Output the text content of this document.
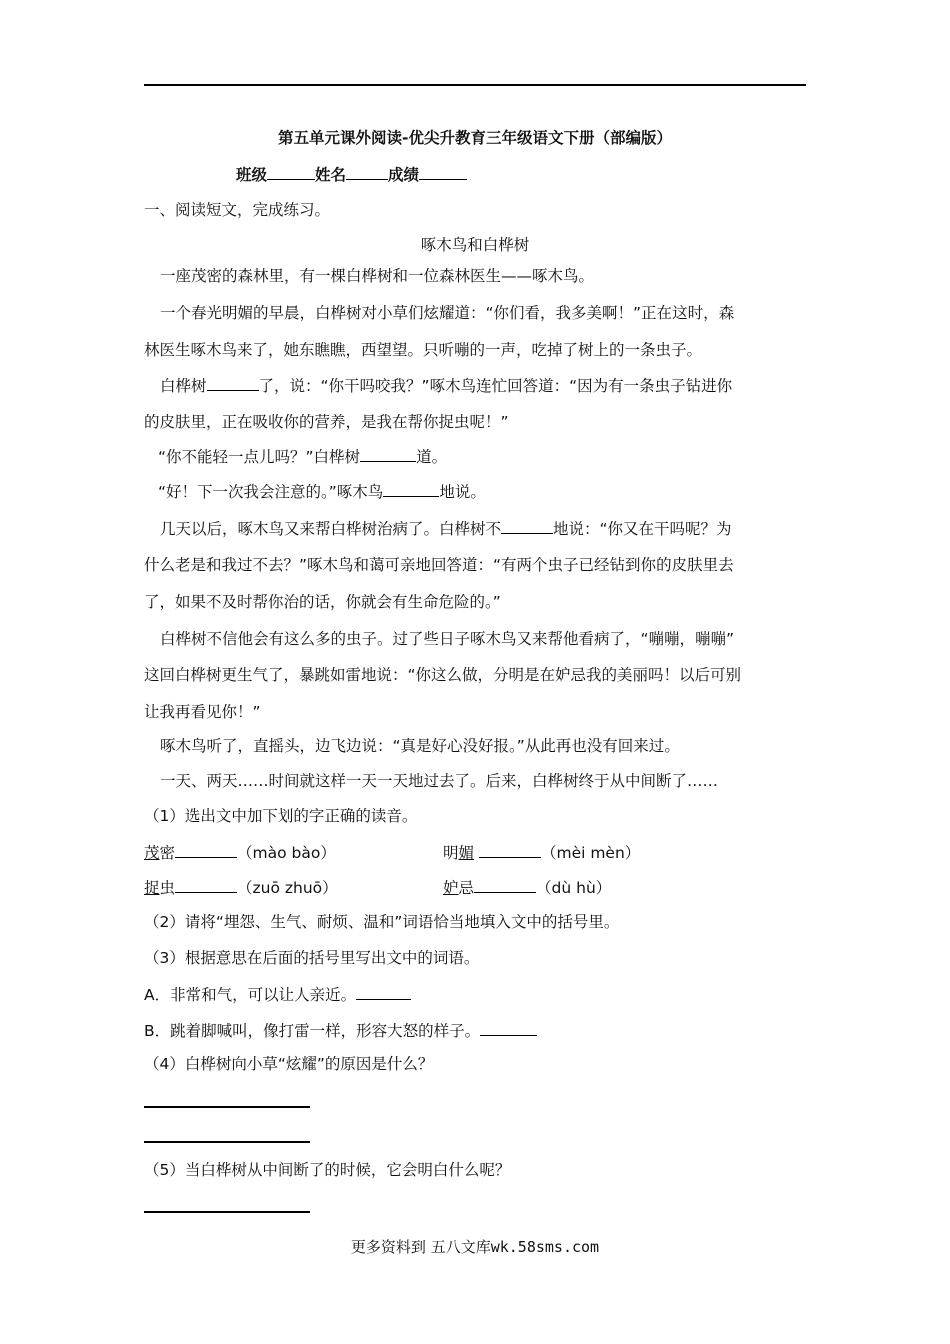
第五单元课外阅读-优尖升教育三年级语文下册（部编版）
班级	姓名	成绩
一、阅读短文，完成练习。
啄木鸟和白桦树
一座茂密的森林里，有一棵白桦树和一位森林医生——啄木鸟。
一个春光明媚的早晨，白桦树对小草们炫耀道：“你们看，我多美啊！”正在这时，森
林医生啄木鸟来了，她东瞧瞧，西望望。只听嘣的一声，吃掉了树上的一条虫子。
白桦树	了，说：“你干吗咬我？”啄木鸟连忙回答道：“因为有一条虫子钻进你
的皮肤里，正在吸收你的营养，是我在帮你捉虫呢！”
“你不能轻一点儿吗？”白桦树	道。
“好！下一次我会注意的。”啄木鸟	地说。
几天以后，啄木鸟又来帮白桦树治病了。白桦树不	地说：“你又在干吗呢？为
什么老是和我过不去？”啄木鸟和蔼可亲地回答道：“有两个虫子已经钻到你的皮肤里去
了，如果不及时帮你治的话，你就会有生命危险的。”
白桦树不信他会有这么多的虫子。过了些日子啄木鸟又来帮他看病了，“嘣嘣，嘣嘣”
这回白桦树更生气了，暴跳如雷地说：“你这么做，分明是在妒忌我的美丽吗！以后可别
让我再看见你！”
啄木鸟听了，直摇头，边飞边说：“真是好心没好报。”从此再也没有回来过。
一天、两天……时间就这样一天一天地过去了。后来，白桦树终于从中间断了……
（1）选出文中加下划的字正确的读音。
茂密	（mào bào）	明媚	（mèi mèn）
捉虫	（zuō zhuō）	妒忌	（dù hù）
（2）请将“埋怨、生气、耐烦、温和”词语恰当地填入文中的括号里。
（3）根据意思在后面的括号里写出文中的词语。
A．非常和气，可以让人亲近。
B．跳着脚喊叫，像打雷一样，形容大怒的样子。
（4）白桦树向小草“炫耀”的原因是什么？
（5）当白桦树从中间断了的时候，它会明白什么呢？
更多资料到 五八文库wk.58sms.com
